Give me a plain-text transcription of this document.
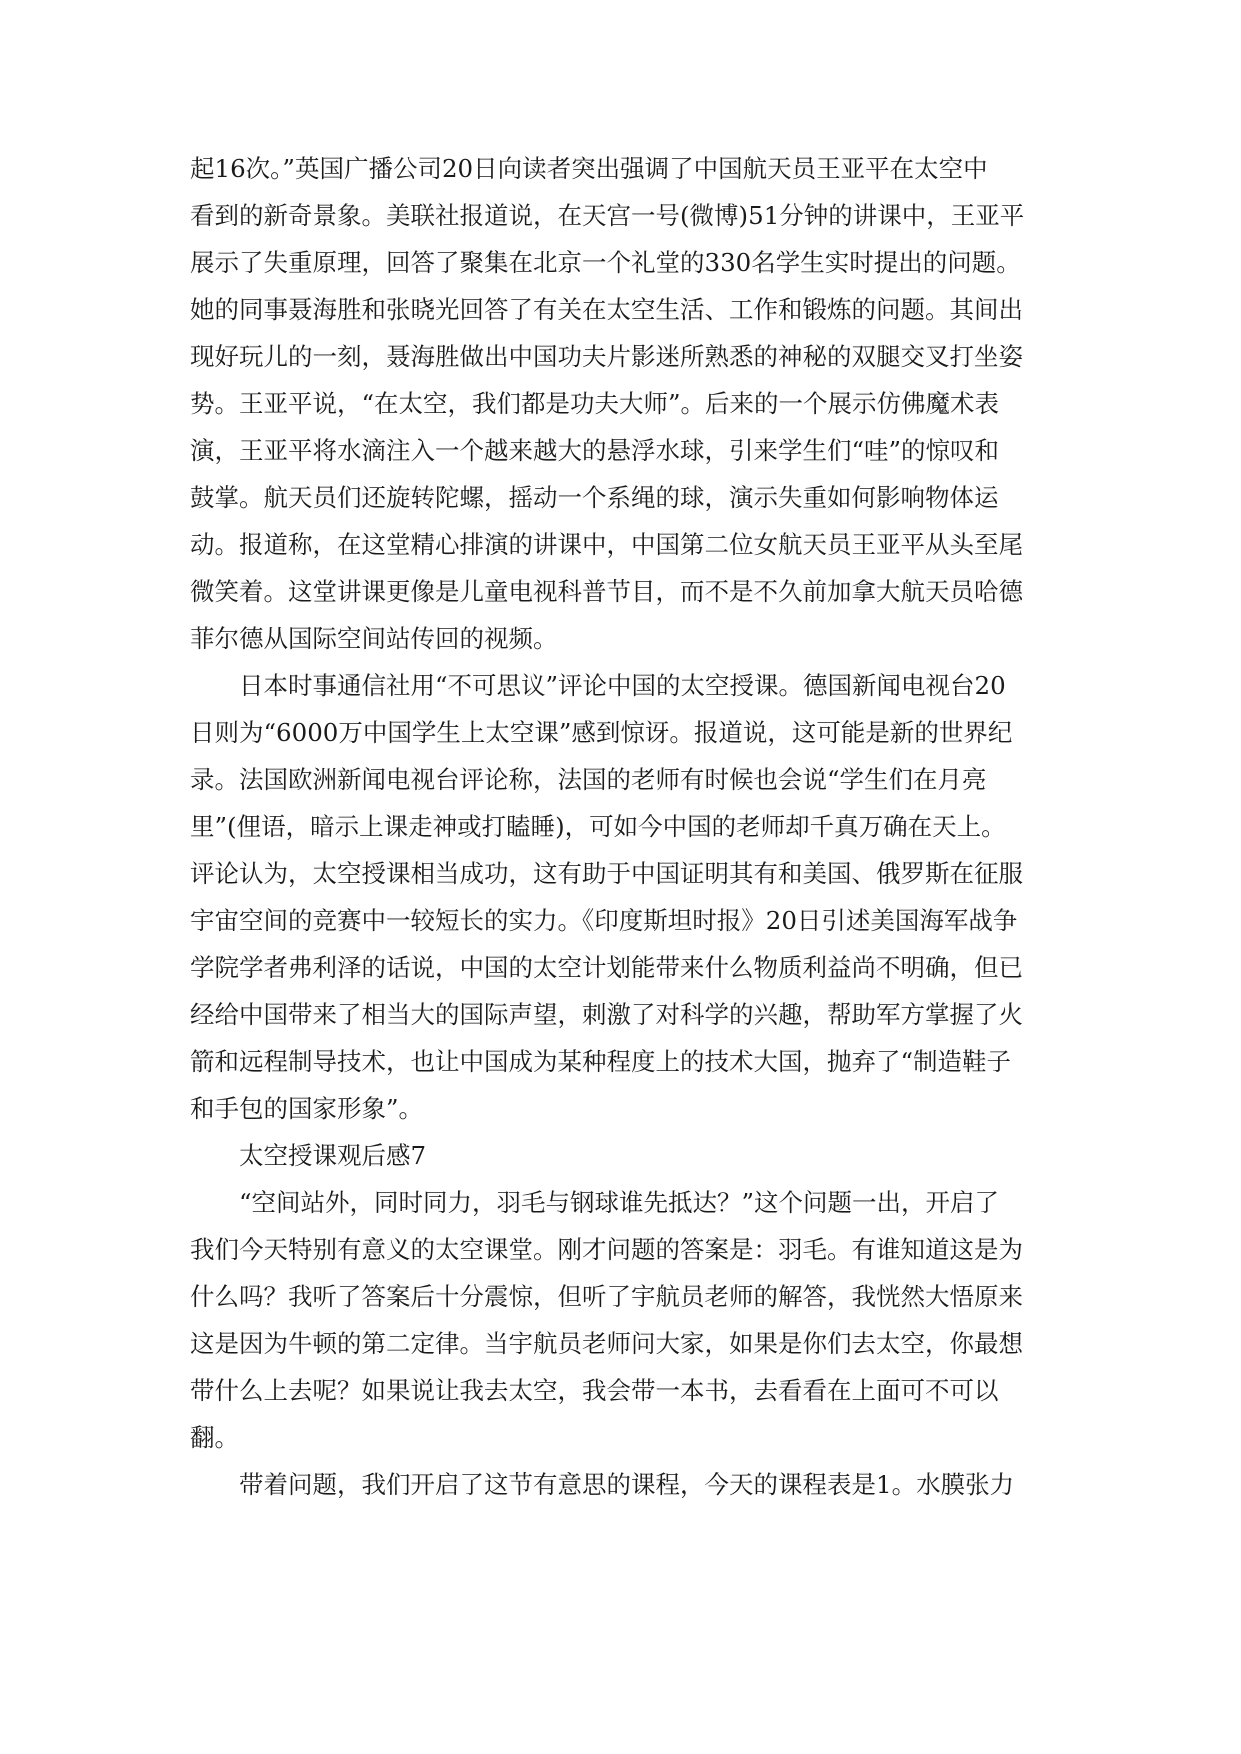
起16次。”英国广播公司20日向读者突出强调了中国航天员王亚平在太空中
看到的新奇景象。美联社报道说，在天宫一号(微博)51分钟的讲课中，王亚平
展示了失重原理，回答了聚集在北京一个礼堂的330名学生实时提出的问题。
她的同事聂海胜和张晓光回答了有关在太空生活、工作和锻炼的问题。其间出
现好玩儿的一刻，聂海胜做出中国功夫片影迷所熟悉的神秘的双腿交叉打坐姿
势。王亚平说，“在太空，我们都是功夫大师”。后来的一个展示仿佛魔术表
演，王亚平将水滴注入一个越来越大的悬浮水球，引来学生们“哇”的惊叹和
鼓掌。航天员们还旋转陀螺，摇动一个系绳的球，演示失重如何影响物体运
动。报道称，在这堂精心排演的讲课中，中国第二位女航天员王亚平从头至尾
微笑着。这堂讲课更像是儿童电视科普节目，而不是不久前加拿大航天员哈德
菲尔德从国际空间站传回的视频。
日本时事通信社用“不可思议”评论中国的太空授课。德国新闻电视台20
日则为“6000万中国学生上太空课”感到惊讶。报道说，这可能是新的世界纪
录。法国欧洲新闻电视台评论称，法国的老师有时候也会说“学生们在月亮
里”(俚语，暗示上课走神或打瞌睡)，可如今中国的老师却千真万确在天上。
评论认为，太空授课相当成功，这有助于中国证明其有和美国、俄罗斯在征服
宇宙空间的竞赛中一较短长的实力。《印度斯坦时报》20日引述美国海军战争
学院学者弗利泽的话说，中国的太空计划能带来什么物质利益尚不明确，但已
经给中国带来了相当大的国际声望，刺激了对科学的兴趣，帮助军方掌握了火
箭和远程制导技术，也让中国成为某种程度上的技术大国，抛弃了“制造鞋子
和手包的国家形象”。
太空授课观后感7
“空间站外，同时同力，羽毛与钢球谁先抵达？”这个问题一出，开启了
我们今天特别有意义的太空课堂。刚才问题的答案是：羽毛。有谁知道这是为
什么吗？我听了答案后十分震惊，但听了宇航员老师的解答，我恍然大悟原来
这是因为牛顿的第二定律。当宇航员老师问大家，如果是你们去太空，你最想
带什么上去呢？如果说让我去太空，我会带一本书，去看看在上面可不可以
翻。
带着问题，我们开启了这节有意思的课程，今天的课程表是1。水膜张力
